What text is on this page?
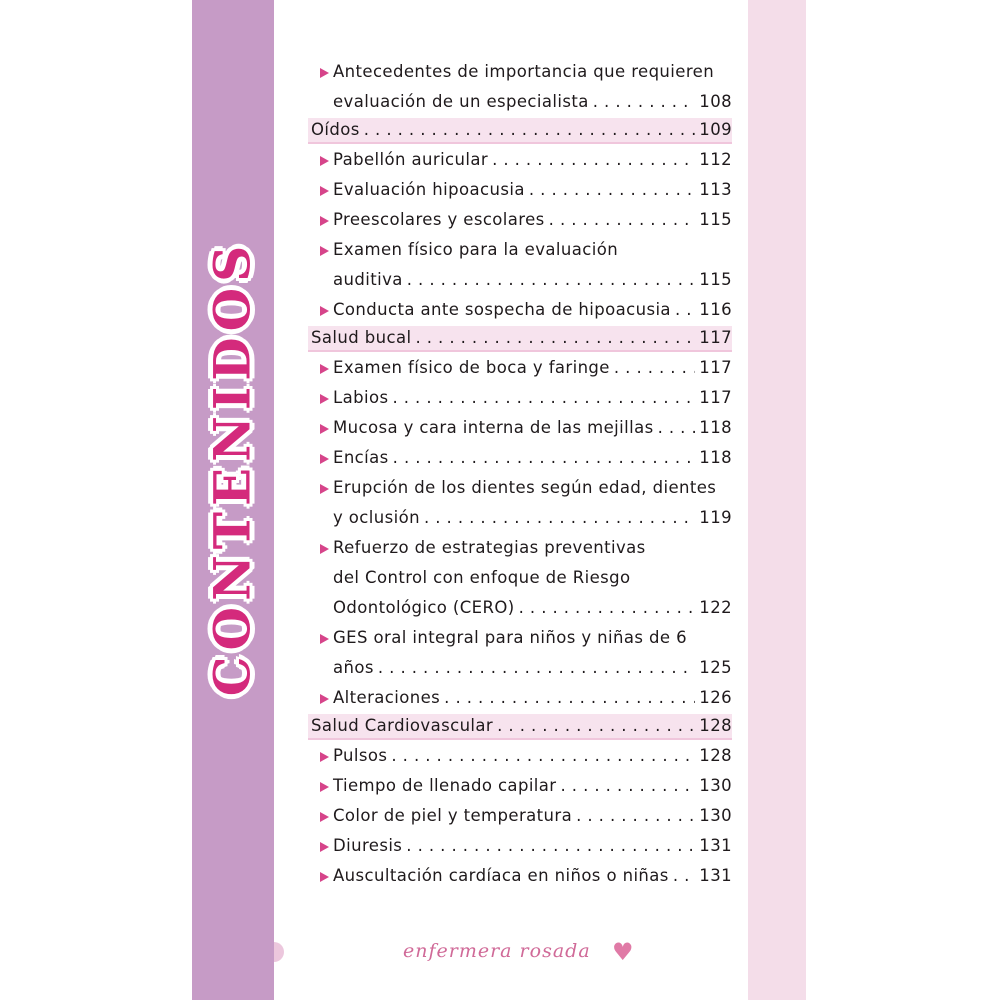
CONTENIDOS
Antecedentes de importancia que requieren
evaluación de un especialista . . .	108
Oídos . . .	109
Pabellón auricular . . .	112
Evaluación hipoacusia . . .	113
Preescolares y escolares . . .	115
Examen físico para la evaluación
auditiva . . .	115
Conducta ante sospecha de hipoacusia . . . 116
Salud bucal . . .	117
Examen físico de boca y faringe . . .	117
Labios . . .	117
Mucosa y cara interna de las mejillas . . .	118
Encías . . .	118
Erupción de los dientes según edad, dientes
y oclusión . . .	119
Refuerzo de estrategias preventivas
del Control con enfoque de Riesgo
Odontológico (CERO) . . .	122
GES oral integral para niños y niñas de 6
años . . .	125
Alteraciones . . .	126
Salud Cardiovascular . . .	128
Pulsos . . .	128
Tiempo de llenado capilar . . .	130
Color de piel y temperatura . . .	130
Diuresis . . .	131
Auscultación cardíaca en niños o niñas . . . 131
enfermera rosada ♥
